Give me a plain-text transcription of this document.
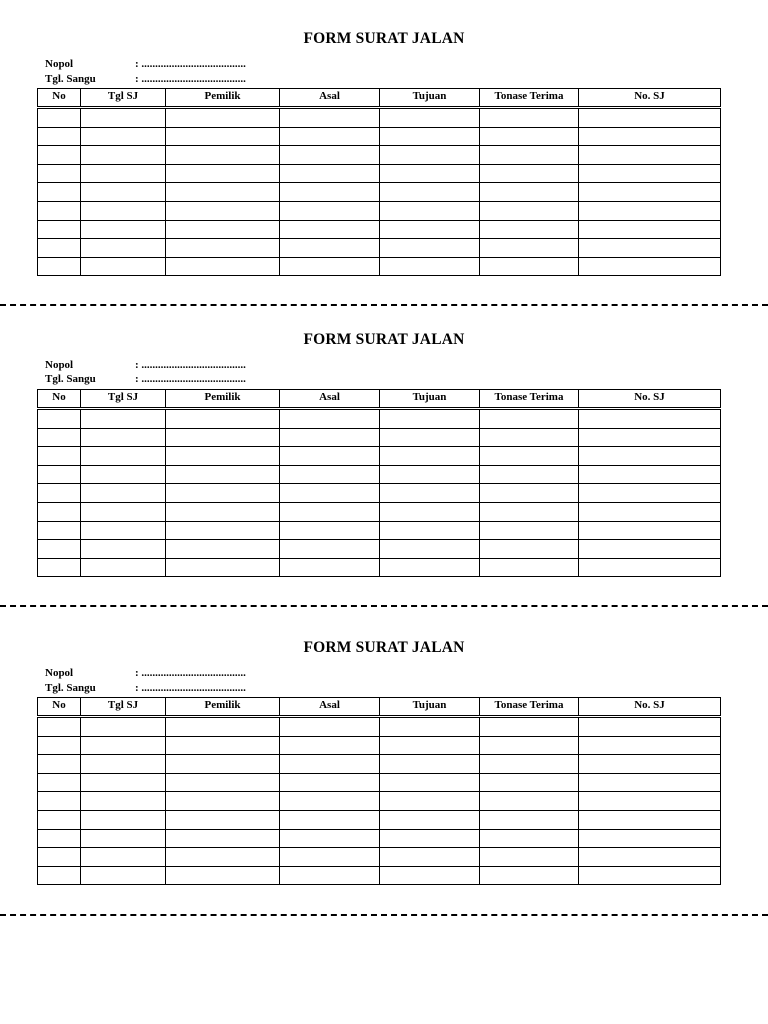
FORM SURAT JALAN
Nopol	: ......................................
Tgl. Sangu	: ......................................
No	Tgl SJ	Pemilik	Asal	Tujuan	Tonase Terima	No. SJ

FORM SURAT JALAN
Nopol	: ......................................
Tgl. Sangu	: ......................................
No	Tgl SJ	Pemilik	Asal	Tujuan	Tonase Terima	No. SJ

FORM SURAT JALAN
Nopol	: ......................................
Tgl. Sangu	: ......................................
No	Tgl SJ	Pemilik	Asal	Tujuan	Tonase Terima	No. SJ
